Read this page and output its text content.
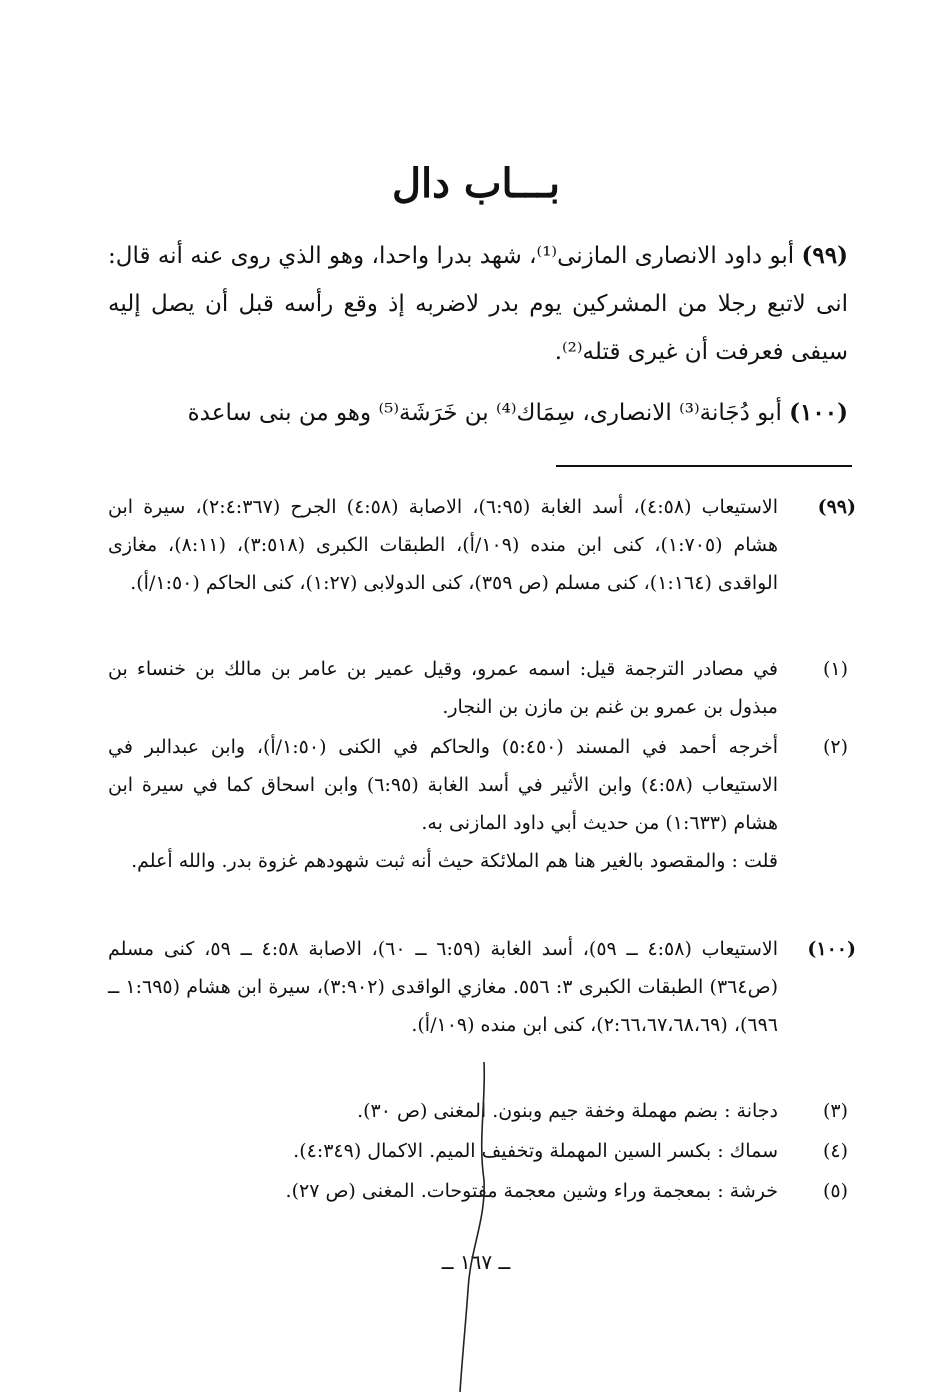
بـــاب دال
(٩٩) أبو داود الانصارى المازنى⁽¹⁾، شهد بدرا واحدا، وهو الذي روى عنه أنه قال: انى لاتبع رجلا من المشركين يوم بدر لاضربه إذ وقع رأسه قبل أن يصل إليه سيفى فعرفت أن غيرى قتله⁽²⁾.
(١٠٠) أبو دُجَانة⁽³⁾ الانصارى، سِمَاك⁽⁴⁾ بن خَرَشَة⁽⁵⁾ وهو من بنى ساعدة
(٩٩)
الاستيعاب (٤:٥٨)، أسد الغابة (٦:٩٥)، الاصابة (٤:٥٨) الجرح (٢:٤:٣٦٧)، سيرة ابن هشام (١:٧٠٥)، كنى ابن منده (١٠٩/أ)، الطبقات الكبرى (٣:٥١٨)، (٨:١١)، مغازى الواقدى (١:١٦٤)، كنى مسلم (ص ٣٥٩)، كنى الدولابى (١:٢٧)، كنى الحاكم (١:٥٠/أ).
(١)
في مصادر الترجمة قيل: اسمه عمرو، وقيل عمير بن عامر بن مالك بن خنساء بن مبذول بن عمرو بن غنم بن مازن بن النجار.
(٢)
أخرجه أحمد في المسند (٥:٤٥٠) والحاكم في الكنى (١:٥٠/أ)، وابن عبدالبر في الاستيعاب (٤:٥٨) وابن الأثير في أسد الغابة (٦:٩٥) وابن اسحاق كما في سيرة ابن هشام (١:٦٣٣) من حديث أبي داود المازنى به.
قلت : والمقصود بالغير هنا هم الملائكة حيث أنه ثبت شهودهم غزوة بدر. والله أعلم.
(١٠٠)
الاستيعاب (٤:٥٨ ــ ٥٩)، أسد الغابة (٦:٥٩ ــ ٦٠)، الاصابة ٤:٥٨ ــ ٥٩، كنى مسلم (ص٣٦٤) الطبقات الكبرى ٣: ٥٥٦. مغازي الواقدى (٣:٩٠٢)، سيرة ابن هشام (١:٦٩٥ ــ ٦٩٦)، (٢:٦٦،٦٧،٦٨،٦٩)، كنى ابن منده (١٠٩/أ).
(٣)
دجانة : بضم مهملة وخفة جيم وبنون. المغنى (ص ٣٠).
(٤)
سماك : بكسر السين المهملة وتخفيف الميم. الاكمال (٤:٣٤٩).
(٥)
خرشة : بمعجمة وراء وشين معجمة مفتوحات. المغنى (ص ٢٧).
ــ ١٦٧ ــ
